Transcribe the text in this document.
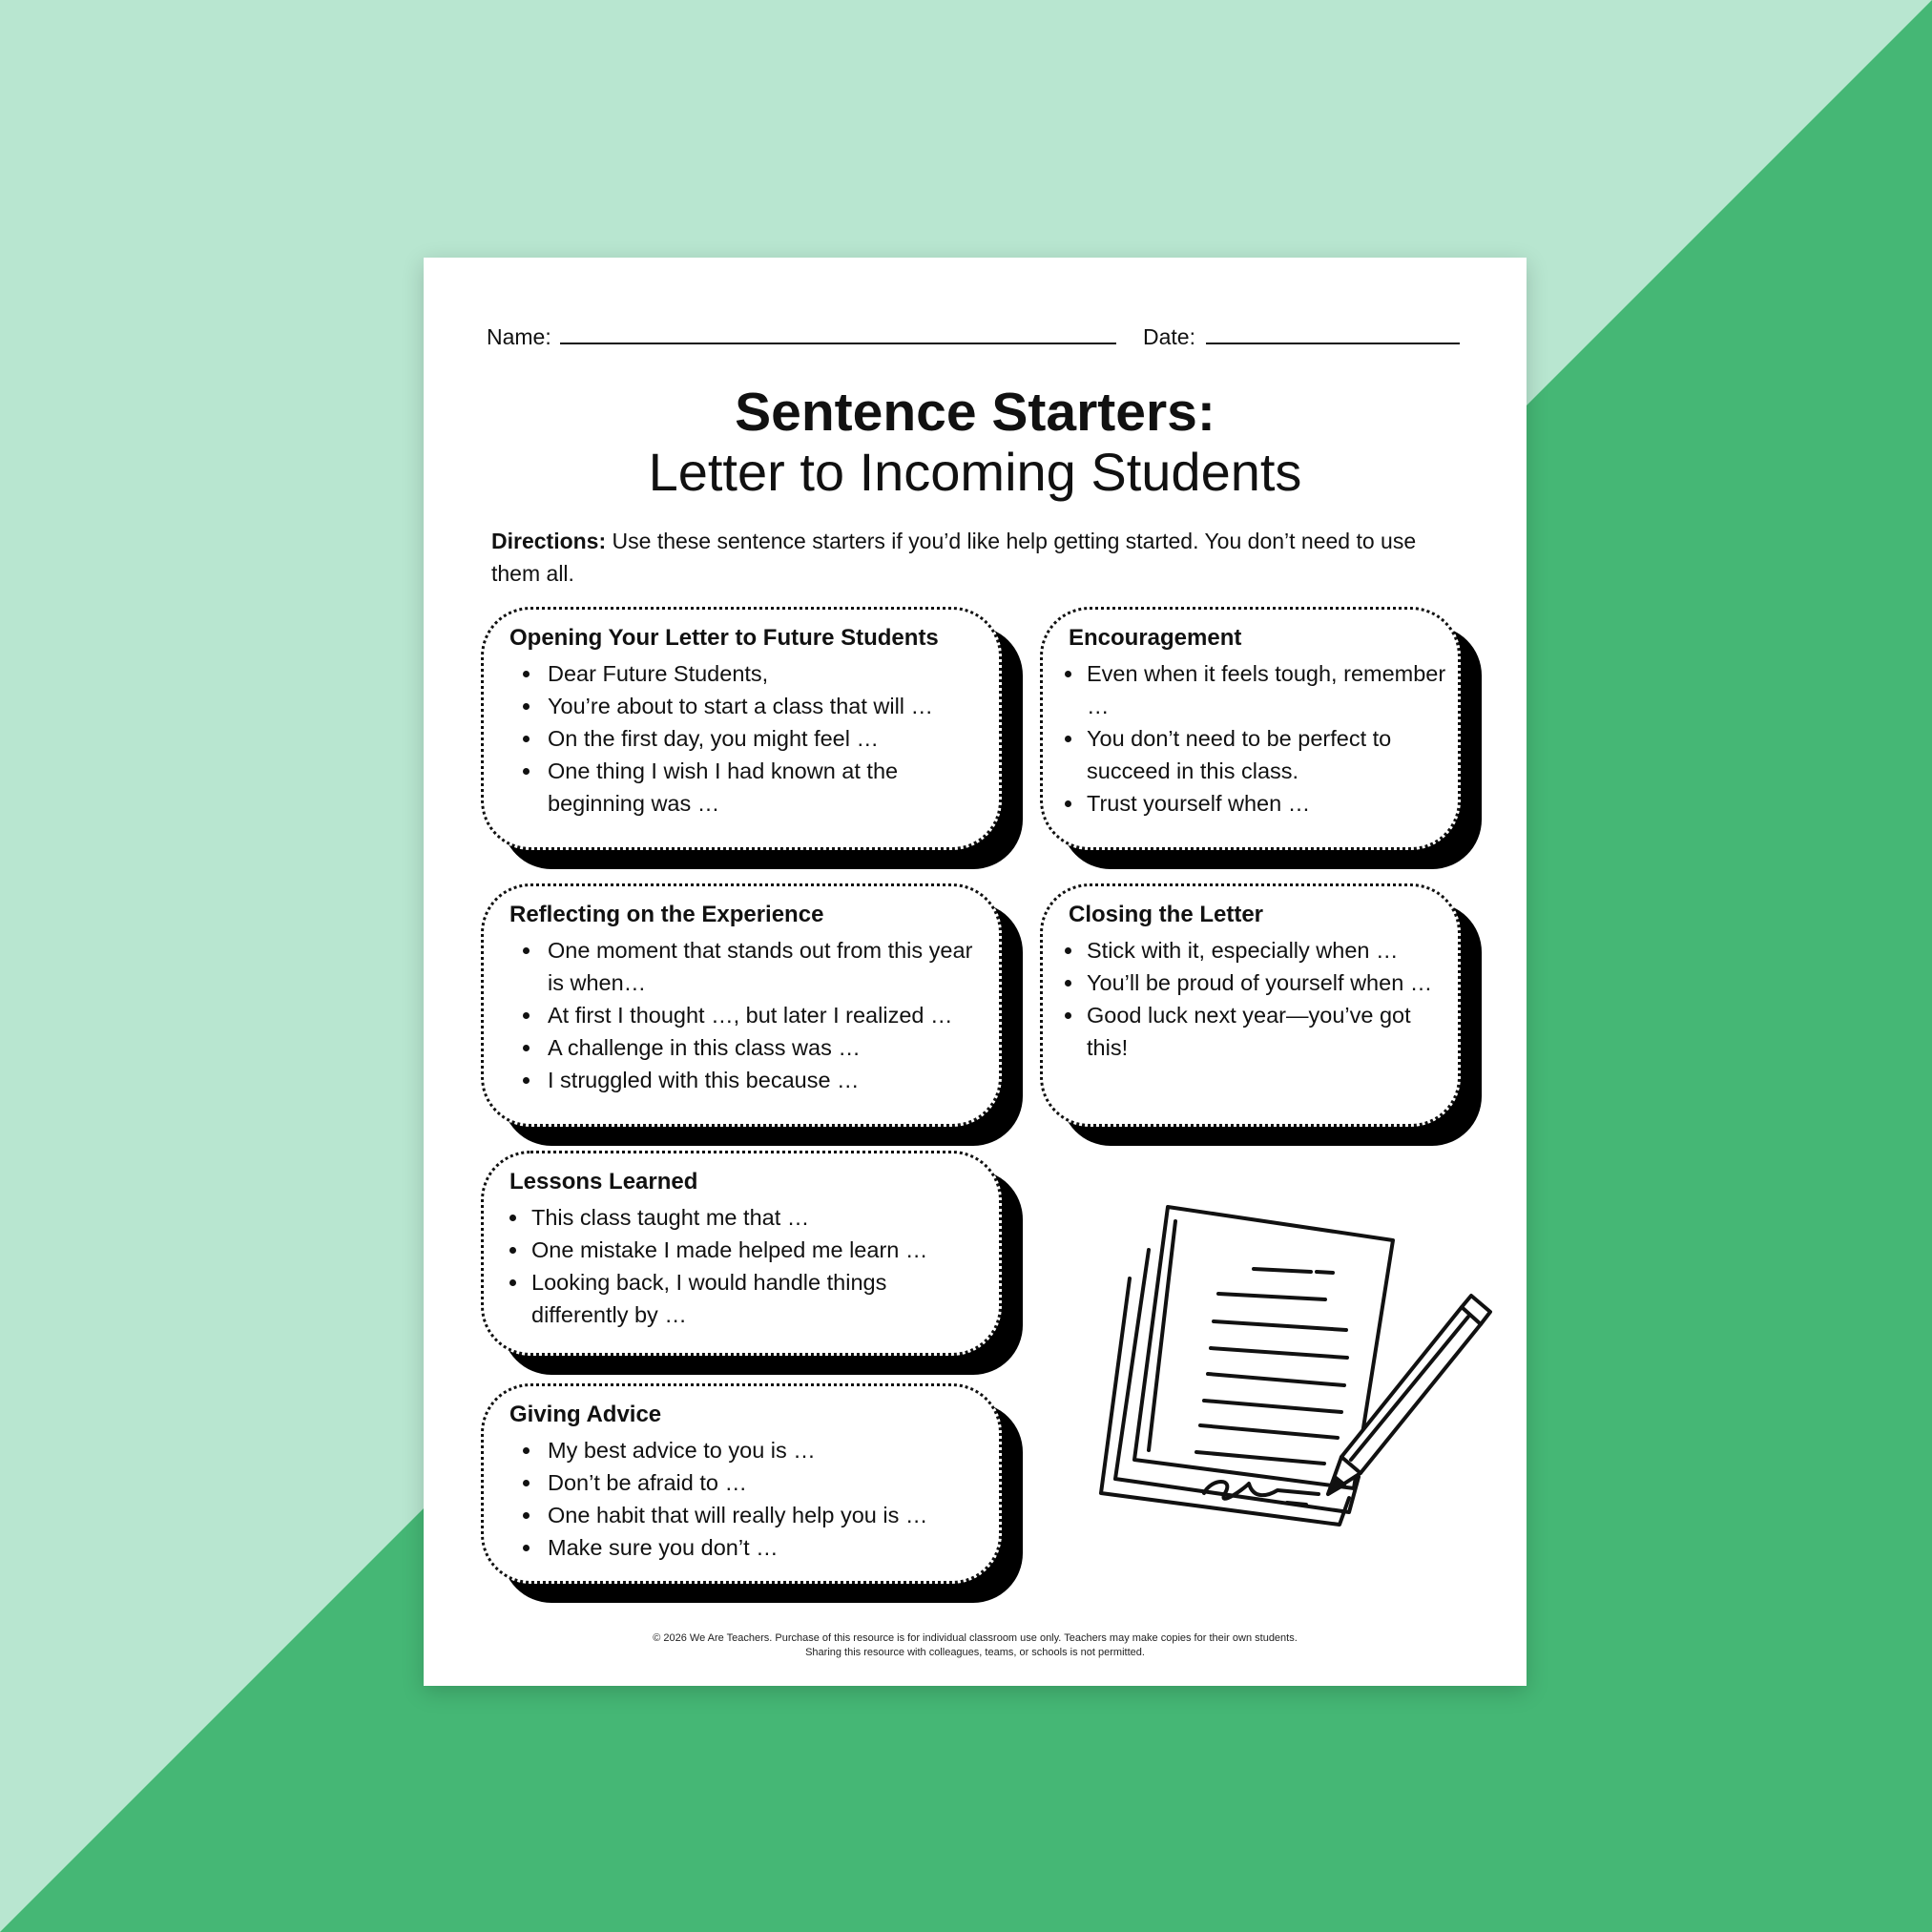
Name:	Date:
Sentence Starters:
Letter to Incoming Students
Directions: Use these sentence starters if you’d like help getting started. You don’t need to use them all.
Opening Your Letter to Future Students
Dear Future Students,
You’re about to start a class that will …
On the first day, you might feel …
One thing I wish I had known at the beginning was …
Encouragement
Even when it feels tough, remember …
You don’t need to be perfect to succeed in this class.
Trust yourself when …
Reflecting on the Experience
One moment that stands out from this year is when…
At first I thought …, but later I realized …
A challenge in this class was …
I struggled with this because …
Closing the Letter
Stick with it, especially when …
You’ll be proud of yourself when …
Good luck next year—you’ve got this!
Lessons Learned
This class taught me that …
One mistake I made helped me learn …
Looking back, I would handle things differently by …
Giving Advice
My best advice to you is …
Don’t be afraid to …
One habit that will really help you is …
Make sure you don’t …
© 2026 We Are Teachers. Purchase of this resource is for individual classroom use only. Teachers may make copies for their own students.
Sharing this resource with colleagues, teams, or schools is not permitted.
